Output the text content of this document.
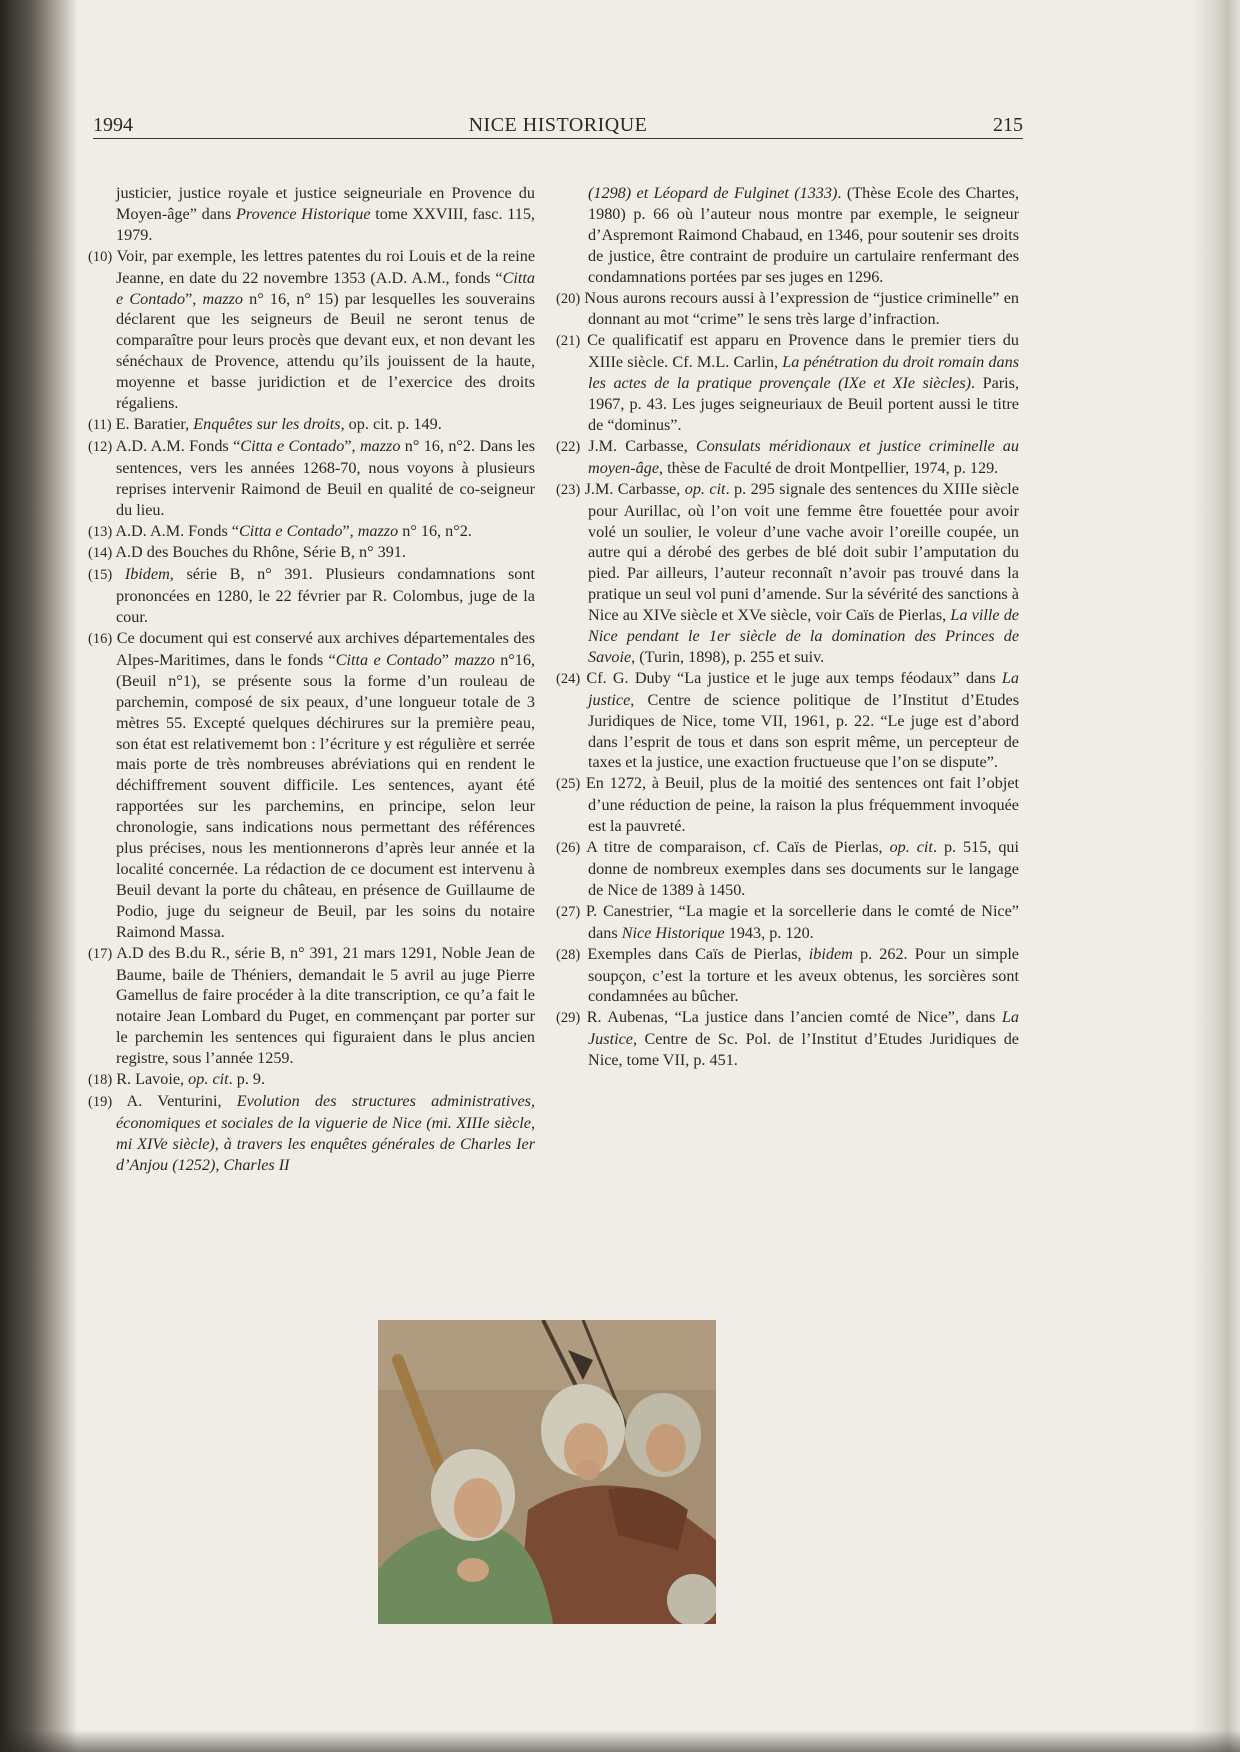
1994	NICE HISTORIQUE	215

justicier, justice royale et justice seigneuriale en Provence du Moyen-âge” dans Provence Historique tome XXVIII, fasc. 115, 1979.

(10) Voir, par exemple, les lettres patentes du roi Louis et de la reine Jeanne, en date du 22 novembre 1353 (A.D. A.M., fonds “Citta e Contado”, mazzo n° 16, n° 15) par lesquelles les souverains déclarent que les seigneurs de Beuil ne seront tenus de comparaître pour leurs procès que devant eux, et non devant les sénéchaux de Provence, attendu qu’ils jouissent de la haute, moyenne et basse juridiction et de l’exercice des droits régaliens.

(11) E. Baratier, Enquêtes sur les droits, op. cit. p. 149.

(12) A.D. A.M. Fonds “Citta e Contado”, mazzo n° 16, n°2. Dans les sentences, vers les années 1268-70, nous voyons à plusieurs reprises intervenir Raimond de Beuil en qualité de co-seigneur du lieu.

(13) A.D. A.M. Fonds “Citta e Contado”, mazzo n° 16, n°2.

(14) A.D des Bouches du Rhône, Série B, n° 391.

(15) Ibidem, série B, n° 391. Plusieurs condamnations sont prononcées en 1280, le 22 février par R. Colombus, juge de la cour.

(16) Ce document qui est conservé aux archives départementales des Alpes-Maritimes, dans le fonds “Citta e Contado” mazzo n°16, (Beuil n°1), se présente sous la forme d’un rouleau de parchemin, composé de six peaux, d’une longueur totale de 3 mètres 55. Excepté quelques déchirures sur la première peau, son état est relativememt bon : l’écriture y est régulière et serrée mais porte de très nombreuses abréviations qui en rendent le déchiffrement souvent difficile. Les sentences, ayant été rapportées sur les parchemins, en principe, selon leur chronologie, sans indications nous permettant des références plus précises, nous les mentionnerons d’après leur année et la localité concernée. La rédaction de ce document est intervenu à Beuil devant la porte du château, en présence de Guillaume de Podio, juge du seigneur de Beuil, par les soins du notaire Raimond Massa.

(17) A.D des B.du R., série B, n° 391, 21 mars 1291, Noble Jean de Baume, baile de Théniers, demandait le 5 avril au juge Pierre Gamellus de faire procéder à la dite transcription, ce qu’a fait le notaire Jean Lombard du Puget, en commençant par porter sur le parchemin les sentences qui figuraient dans le plus ancien registre, sous l’année 1259.

(18) R. Lavoie, op. cit. p. 9.

(19) A. Venturini, Evolution des structures administratives, économiques et sociales de la viguerie de Nice (mi. XIIIe siècle, mi XIVe siècle), à travers les enquêtes générales de Charles Ier d’Anjou (1252), Charles II

(1298) et Léopard de Fulginet (1333). (Thèse Ecole des Chartes, 1980) p. 66 où l’auteur nous montre par exemple, le seigneur d’Aspremont Raimond Chabaud, en 1346, pour soutenir ses droits de justice, être contraint de produire un cartulaire renfermant des condamnations portées par ses juges en 1296.

(20) Nous aurons recours aussi à l’expression de “justice criminelle” en donnant au mot “crime” le sens très large d’infraction.

(21) Ce qualificatif est apparu en Provence dans le premier tiers du XIIIe siècle. Cf. M.L. Carlin, La pénétration du droit romain dans les actes de la pratique provençale (IXe et XIe siècles). Paris, 1967, p. 43. Les juges seigneuriaux de Beuil portent aussi le titre de “dominus”.

(22) J.M. Carbasse, Consulats méridionaux et justice criminelle au moyen-âge, thèse de Faculté de droit Montpellier, 1974, p. 129.

(23) J.M. Carbasse, op. cit. p. 295 signale des sentences du XIIIe siècle pour Aurillac, où l’on voit une femme être fouettée pour avoir volé un soulier, le voleur d’une vache avoir l’oreille coupée, un autre qui a dérobé des gerbes de blé doit subir l’amputation du pied. Par ailleurs, l’auteur reconnaît n’avoir pas trouvé dans la pratique un seul vol puni d’amende. Sur la sévérité des sanctions à Nice au XIVe siècle et XVe siècle, voir Caïs de Pierlas, La ville de Nice pendant le 1er siècle de la domination des Princes de Savoie, (Turin, 1898), p. 255 et suiv.

(24) Cf. G. Duby “La justice et le juge aux temps féodaux” dans La justice, Centre de science politique de l’Institut d’Etudes Juridiques de Nice, tome VII, 1961, p. 22. “Le juge est d’abord dans l’esprit de tous et dans son esprit même, un percepteur de taxes et la justice, une exaction fructueuse que l’on se dispute”.

(25) En 1272, à Beuil, plus de la moitié des sentences ont fait l’objet d’une réduction de peine, la raison la plus fréquemment invoquée est la pauvreté.

(26) A titre de comparaison, cf. Caïs de Pierlas, op. cit. p. 515, qui donne de nombreux exemples dans ses documents sur le langage de Nice de 1389 à 1450.

(27) P. Canestrier, “La magie et la sorcellerie dans le comté de Nice” dans Nice Historique 1943, p. 120.

(28) Exemples dans Caïs de Pierlas, ibidem p. 262. Pour un simple soupçon, c’est la torture et les aveux obtenus, les sorcières sont condamnées au bûcher.

(29) R. Aubenas, “La justice dans l’ancien comté de Nice”, dans La Justice, Centre de Sc. Pol. de l’Institut d’Etudes Juridiques de Nice, tome VII, p. 451.
